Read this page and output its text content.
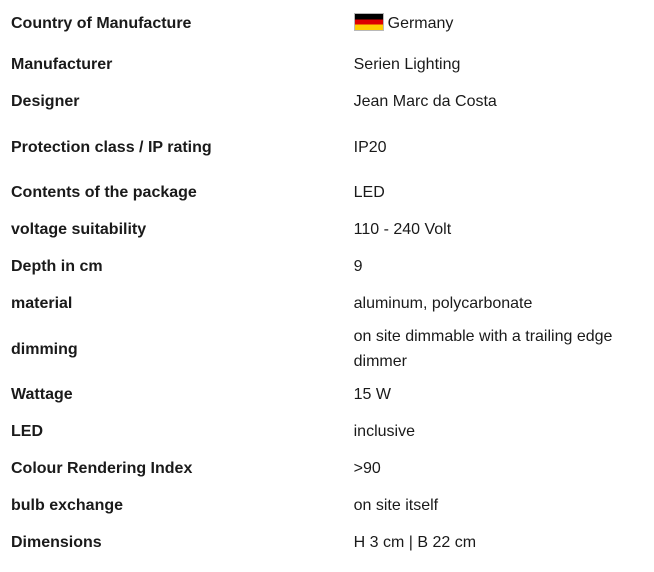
Country of Manufacture	Germany
Manufacturer	Serien Lighting
Designer	Jean Marc da Costa
Protection class / IP rating	IP20
Contents of the package	LED
voltage suitability	110 - 240 Volt
Depth in cm	9
material	aluminum, polycarbonate
dimming	on site dimmable with a trailing edge dimmer
Wattage	15 W
LED	inclusive
Colour Rendering Index	>90
bulb exchange	on site itself
Dimensions	H 3 cm | B 22 cm
